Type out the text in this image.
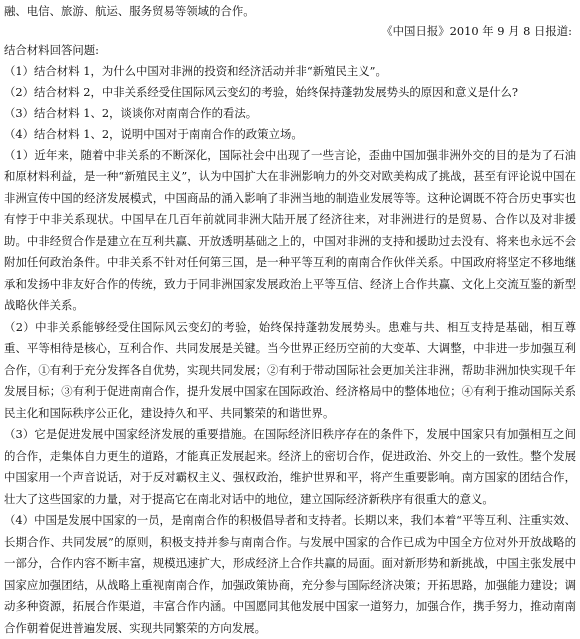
融、电信、旅游、航运、服务贸易等领域的合作。
《中国日报》2010 年 9 月 8 日报道:
结合材料回答问题:
（1）结合材料 1，为什么中国对非洲的投资和经济活动并非“新殖民主义”。
（2）结合材料 2，中非关系经受住国际风云变幻的考验，始终保持蓬勃发展势头的原因和意义是什么?
（3）结合材料 1、2，谈谈你对南南合作的看法。
（4）结合材料 1、2，说明中国对于南南合作的政策立场。

（1）近年来，随着中非关系的不断深化，国际社会中出现了一些言论，歪曲中国加强非洲外交的目的是为了石油和原材料利益，是一种“新殖民主义”，认为中国扩大在非洲影响力的外交对欧美构成了挑战，甚至有评论说中国在非洲宣传中国的经济发展模式，中国商品的涌入影响了非洲当地的制造业发展等等。这种论调既不符合历史事实也有悖于中非关系现状。中国早在几百年前就同非洲大陆开展了经济往来，对非洲进行的是贸易、合作以及对非援助。中非经贸合作是建立在互利共赢、开放透明基础之上的，中国对非洲的支持和援助过去没有、将来也永远不会附加任何政治条件。中非关系不针对任何第三国，是一种平等互利的南南合作伙伴关系。中国政府将坚定不移地继承和发扬中非友好合作的传统，致力于同非洲国家发展政治上平等互信、经济上合作共赢、文化上交流互鉴的新型战略伙伴关系。

（2）中非关系能够经受住国际风云变幻的考验，始终保持蓬勃发展势头。患难与共、相互支持是基础，相互尊重、平等相待是核心，互利合作、共同发展是关键。当今世界正经历空前的大变革、大调整，中非进一步加强互利合作，①有利于充分发挥各自优势，实现共同发展；②有利于带动国际社会更加关注非洲，帮助非洲加快实现千年发展目标；③有利于促进南南合作，提升发展中国家在国际政治、经济格局中的整体地位；④有利于推动国际关系民主化和国际秩序公正化，建设持久和平、共同繁荣的和谐世界。

（3）它是促进发展中国家经济发展的重要措施。在国际经济旧秩序存在的条件下，发展中国家只有加强相互之间的合作，走集体自力更生的道路，才能真正发展起来。经济上的密切合作，促进政治、外交上的一致性。整个发展中国家用一个声音说话，对于反对霸权主义、强权政治，维护世界和平，将产生重要影响。南方国家的团结合作，壮大了这些国家的力量，对于提高它在南北对话中的地位，建立国际经济新秩序有很重大的意义。

（4）中国是发展中国家的一员，是南南合作的积极倡导者和支持者。长期以来，我们本着“平等互利、注重实效、长期合作、共同发展”的原则，积极支持并参与南南合作。与发展中国家的合作已成为中国全方位对外开放战略的一部分，合作内容不断丰富，规模迅速扩大，形成经济上合作共赢的局面。面对新形势和新挑战，中国主张发展中国家应加强团结，从战略上重视南南合作，加强政策协商，充分参与国际经济决策；开拓思路，加强能力建设；调动多种资源，拓展合作渠道，丰富合作内涵。中国愿同其他发展中国家一道努力，加强合作，携手努力，推动南南合作朝着促进普遍发展、实现共同繁荣的方向发展。
